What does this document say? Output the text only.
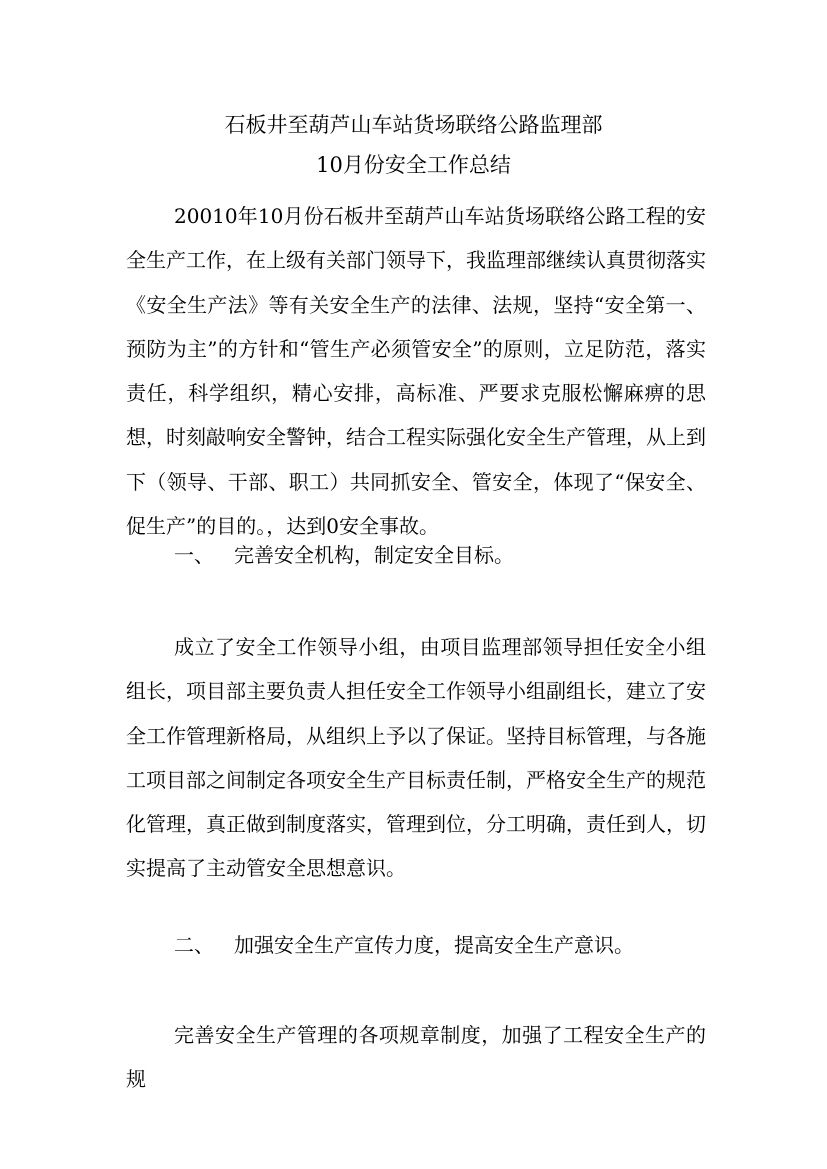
石板井至葫芦山车站货场联络公路监理部
10月份安全工作总结
20010年10月份石板井至葫芦山车站货场联络公路工程的安全生产工作，在上级有关部门领导下，我监理部继续认真贯彻落实《安全生产法》等有关安全生产的法律、法规，坚持“安全第一、预防为主”的方针和“管生产必须管安全”的原则，立足防范，落实责任，科学组织，精心安排，高标准、严要求克服松懈麻痹的思想，时刻敲响安全警钟，结合工程实际强化安全生产管理，从上到下（领导、干部、职工）共同抓安全、管安全，体现了“保安全、促生产”的目的。，达到0安全事故。
一、 完善安全机构，制定安全目标。
成立了安全工作领导小组，由项目监理部领导担任安全小组组长，项目部主要负责人担任安全工作领导小组副组长，建立了安全工作管理新格局，从组织上予以了保证。坚持目标管理，与各施工项目部之间制定各项安全生产目标责任制，严格安全生产的规范化管理，真正做到制度落实，管理到位，分工明确，责任到人，切实提高了主动管安全思想意识。
二、 加强安全生产宣传力度，提高安全生产意识。
完善安全生产管理的各项规章制度，加强了工程安全生产的规
